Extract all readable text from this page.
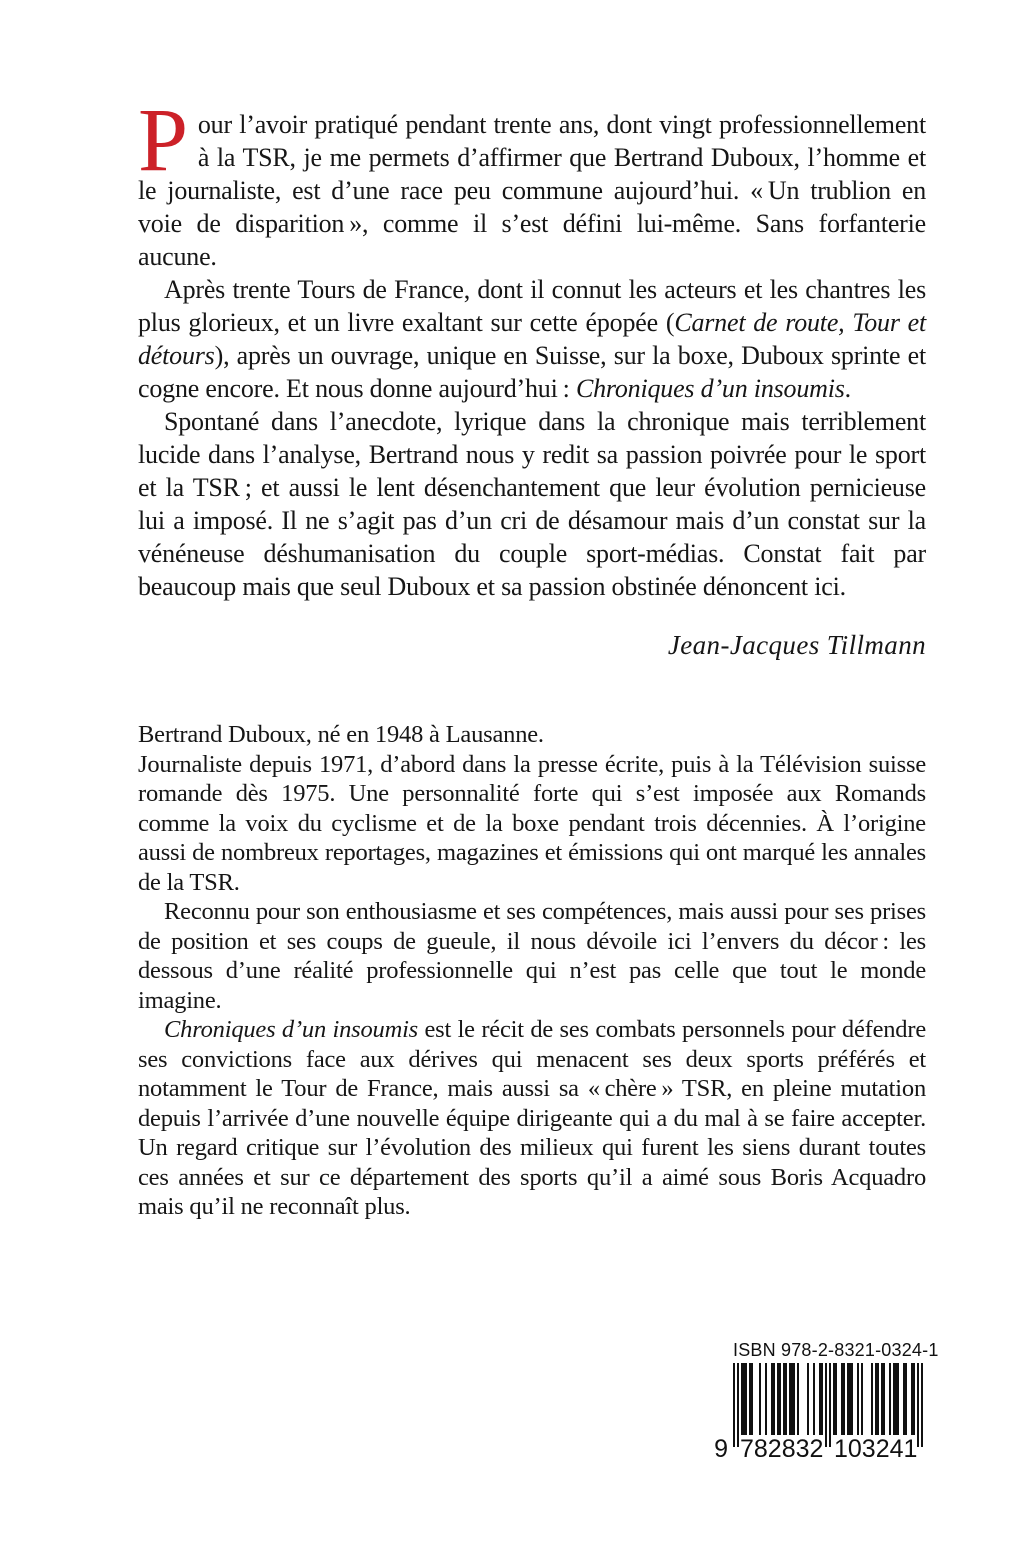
Pour l’avoir pratiqué pendant trente ans, dont vingt professionnellement à la TSR, je me permets d’affirmer que Bertrand Duboux, l’homme et le journaliste, est d’une race peu commune aujourd’hui. « Un trublion en voie de disparition », comme il s’est défini lui-même. Sans forfanterie aucune.

Après trente Tours de France, dont il connut les acteurs et les chantres les plus glorieux, et un livre exaltant sur cette épopée (Carnet de route, Tour et détours), après un ouvrage, unique en Suisse, sur la boxe, Duboux sprinte et cogne encore. Et nous donne aujourd’hui : Chroniques d’un insoumis.

Spontané dans l’anecdote, lyrique dans la chronique mais terriblement lucide dans l’analyse, Bertrand nous y redit sa passion poivrée pour le sport et la TSR ; et aussi le lent désenchantement que leur évolution pernicieuse lui a imposé. Il ne s’agit pas d’un cri de désamour mais d’un constat sur la vénéneuse déshumanisation du couple sport-médias. Constat fait par beaucoup mais que seul Duboux et sa passion obstinée dénoncent ici.

Jean-Jacques Tillmann

Bertrand Duboux, né en 1948 à Lausanne.

Journaliste depuis 1971, d’abord dans la presse écrite, puis à la Télévision suisse romande dès 1975. Une personnalité forte qui s’est imposée aux Romands comme la voix du cyclisme et de la boxe pendant trois décennies. À l’origine aussi de nombreux reportages, magazines et émissions qui ont marqué les annales de la TSR.

Reconnu pour son enthousiasme et ses compétences, mais aussi pour ses prises de position et ses coups de gueule, il nous dévoile ici l’envers du décor : les dessous d’une réalité professionnelle qui n’est pas celle que tout le monde imagine.

Chroniques d’un insoumis est le récit de ses combats personnels pour défendre ses convictions face aux dérives qui menacent ses deux sports préférés et notamment le Tour de France, mais aussi sa « chère » TSR, en pleine mutation depuis l’arrivée d’une nouvelle équipe dirigeante qui a du mal à se faire accepter. Un regard critique sur l’évolution des milieux qui furent les siens durant toutes ces années et sur ce département des sports qu’il a aimé sous Boris Acquadro mais qu’il ne reconnaît plus.

ISBN 978-2-8321-0324-1
9 782832 103241
